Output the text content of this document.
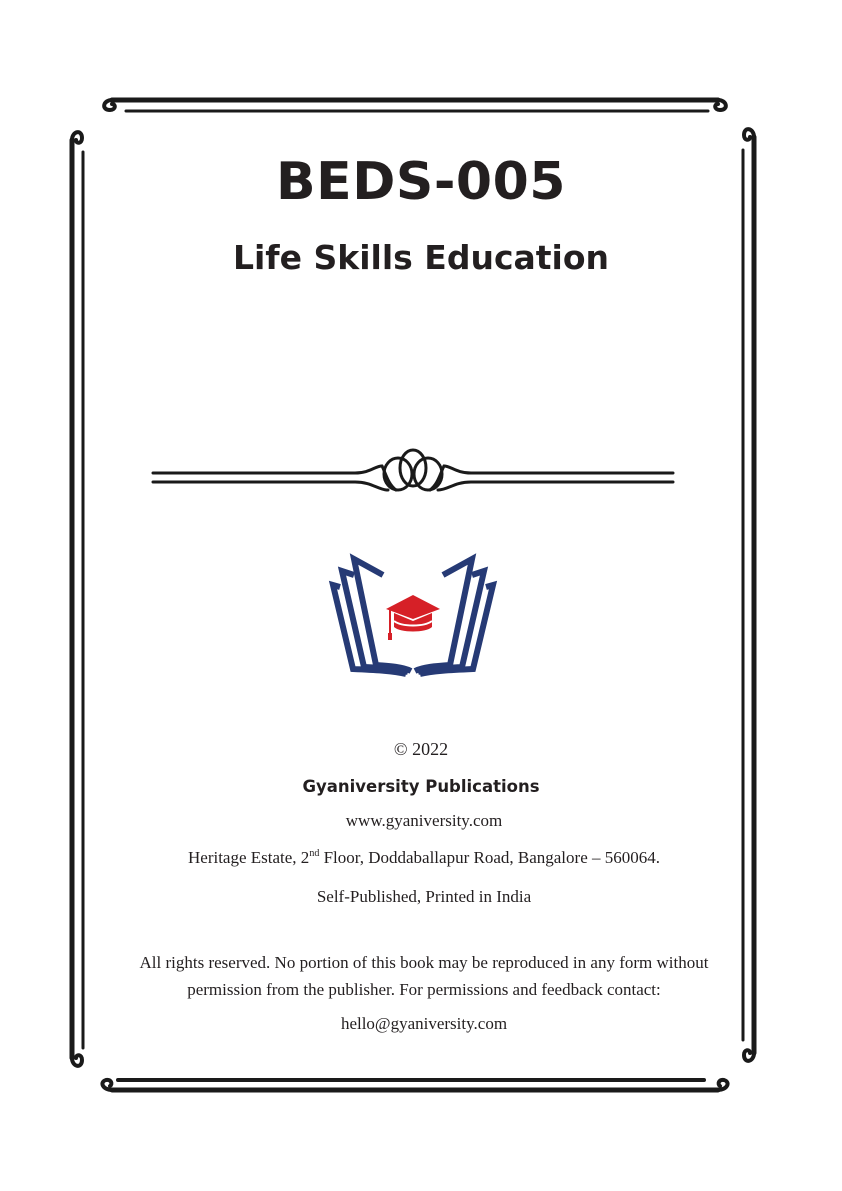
BEDS-005
Life Skills Education
© 2022
Gyaniversity Publications
www.gyaniversity.com
Heritage Estate, 2nd Floor, Doddaballapur Road, Bangalore – 560064.
Self-Published, Printed in India
All rights reserved. No portion of this book may be reproduced in any form without
permission from the publisher. For permissions and feedback contact:
hello@gyaniversity.com
